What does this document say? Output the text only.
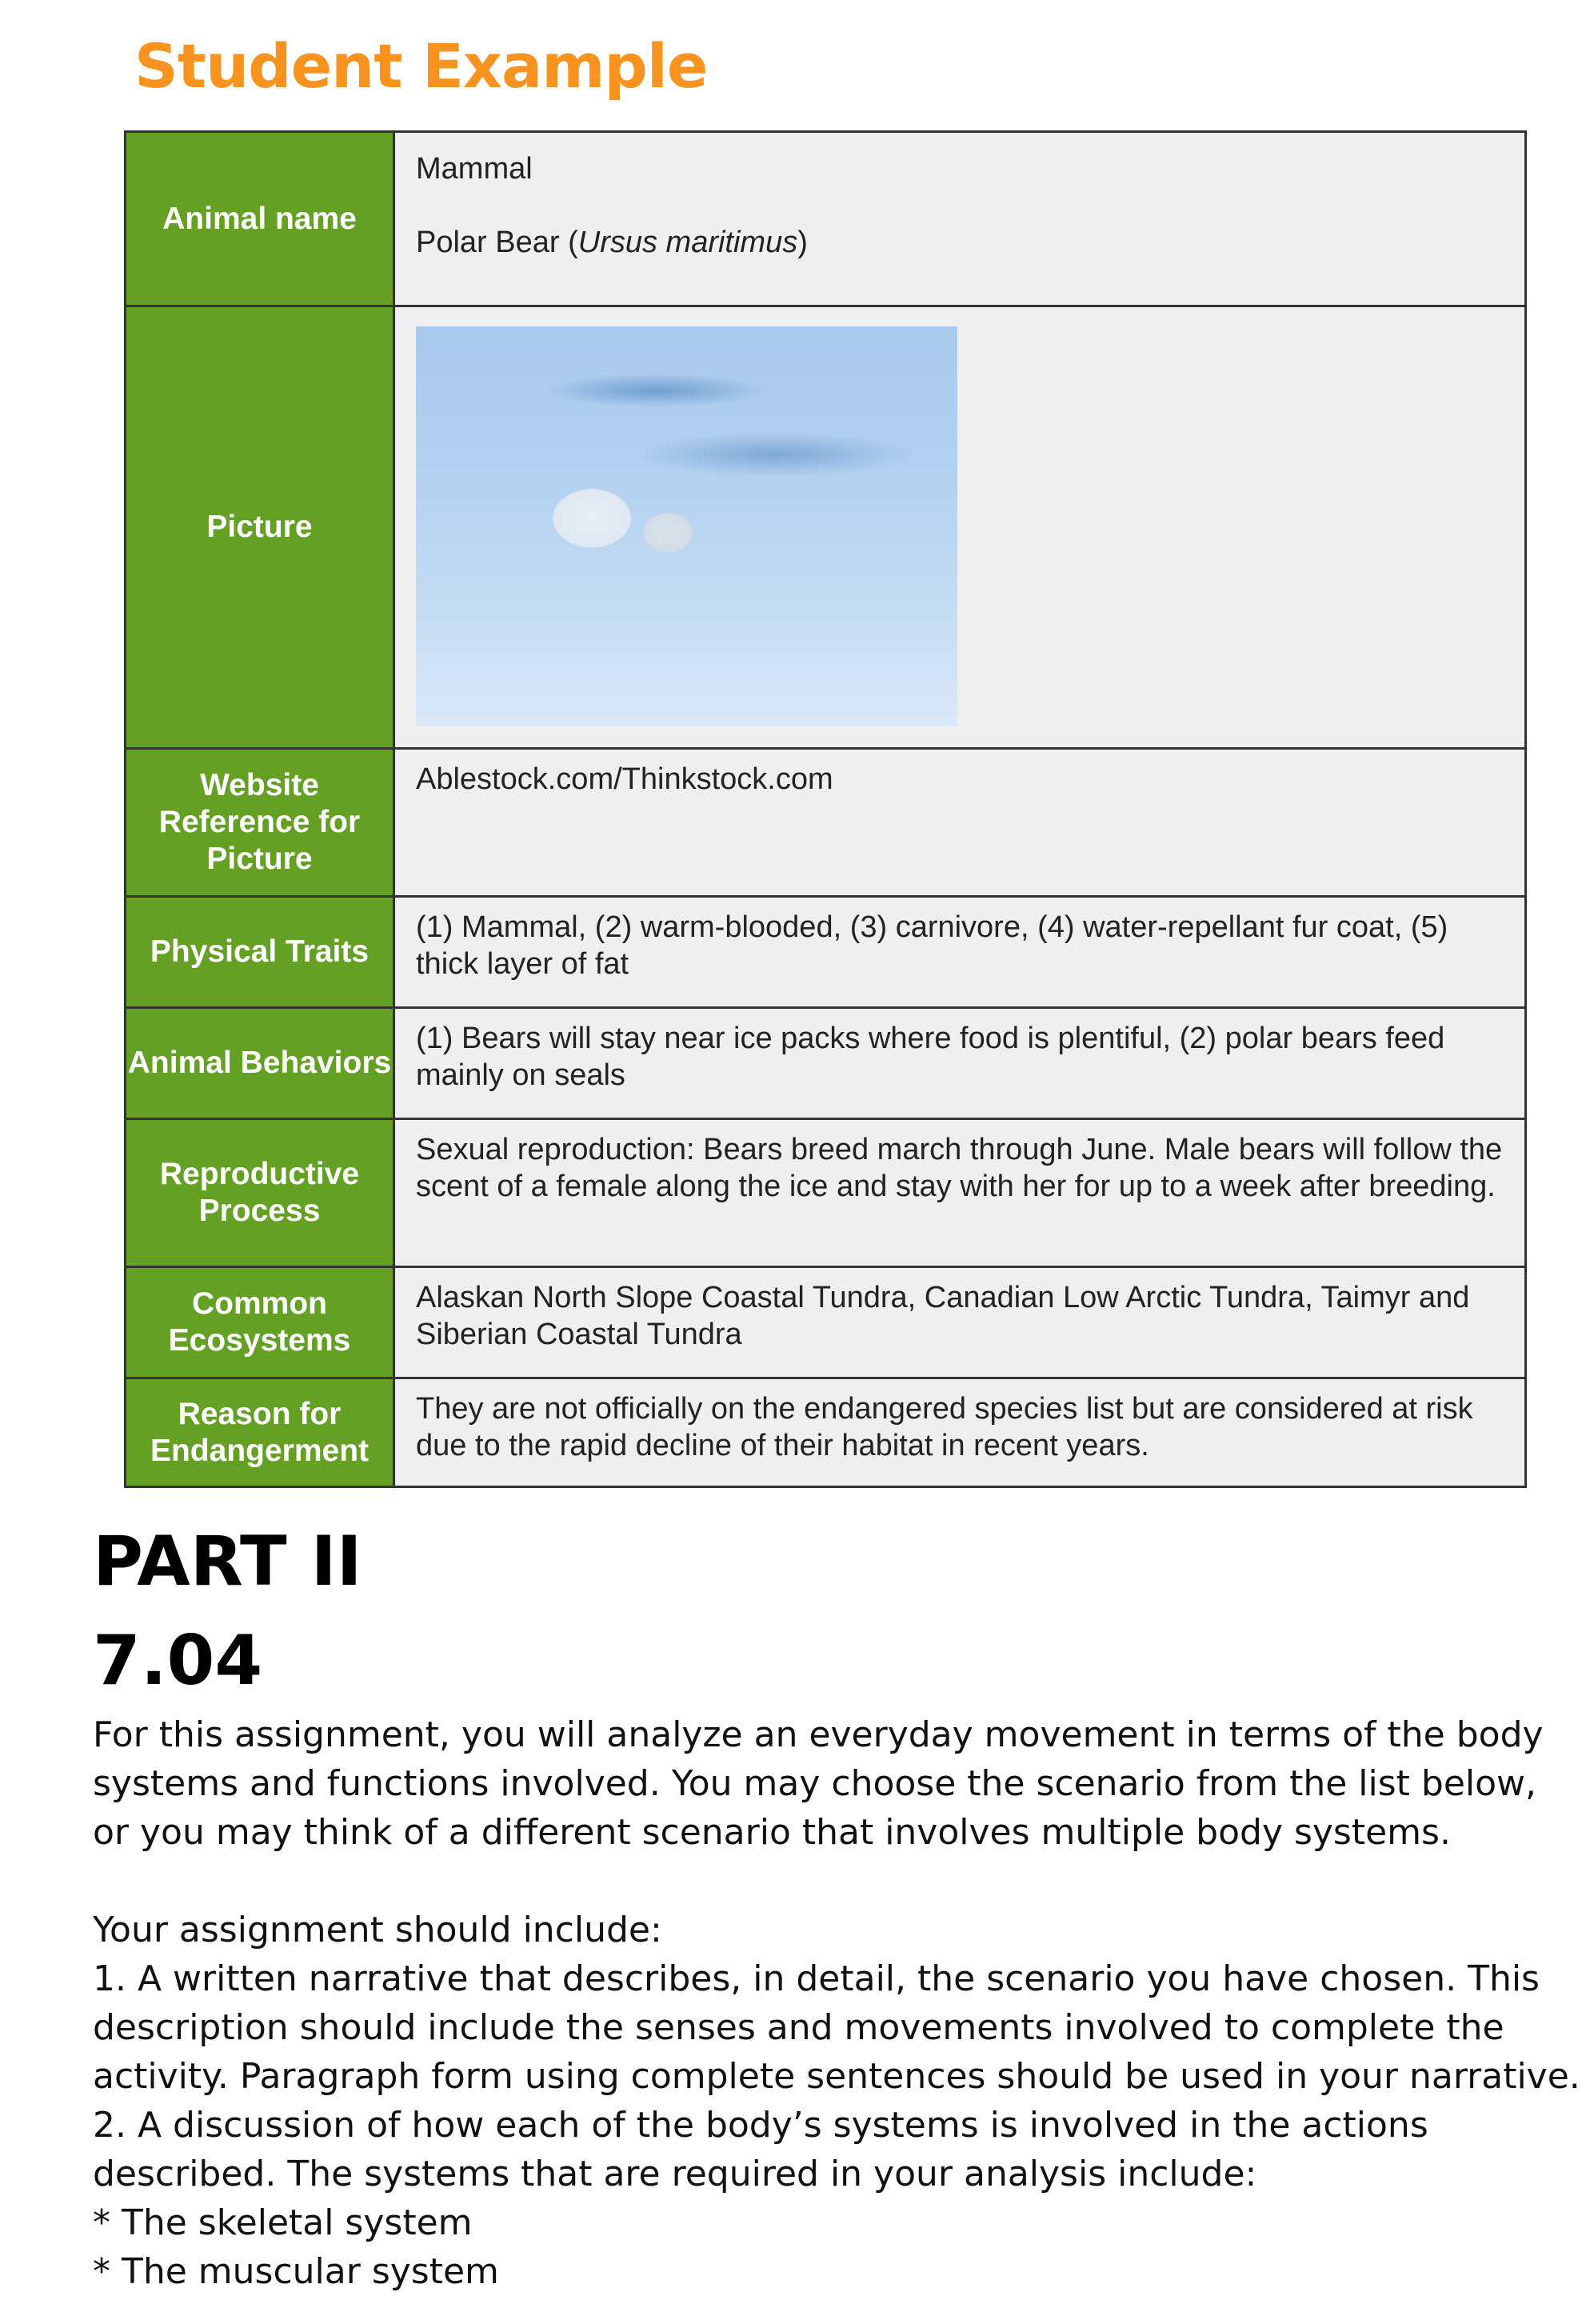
Student Example
Animal name	Mammal
Polar Bear (Ursus maritimus)

Picture	

Website Reference for Picture	Ablestock.com/Thinkstock.com
Physical Traits	(1) Mammal, (2) warm-blooded, (3) carnivore, (4) water-repellant fur coat, (5) thick layer of fat
Animal Behaviors	(1) Bears will stay near ice packs where food is plentiful, (2) polar bears feed mainly on seals
Reproductive Process	Sexual reproduction: Bears breed march through June. Male bears will follow the scent of a female along the ice and stay with her for up to a week after breeding.
Common Ecosystems	Alaskan North Slope Coastal Tundra, Canadian Low Arctic Tundra, Taimyr and Siberian Coastal Tundra
Reason for Endangerment	They are not officially on the endangered species list but are considered at risk due to the rapid decline of their habitat in recent years.
PART II
7.04

For this assignment, you will analyze an everyday movement in terms of the body systems and functions involved. You may choose the scenario from the list below, or you may think of a different scenario that involves multiple body systems.

Your assignment should include:

1. A written narrative that describes, in detail, the scenario you have chosen. This description should include the senses and movements involved to complete the activity. Paragraph form using complete sentences should be used in your narrative.

2. A discussion of how each of the body’s systems is involved in the actions described. The systems that are required in your analysis include:

* The skeletal system

* The muscular system
